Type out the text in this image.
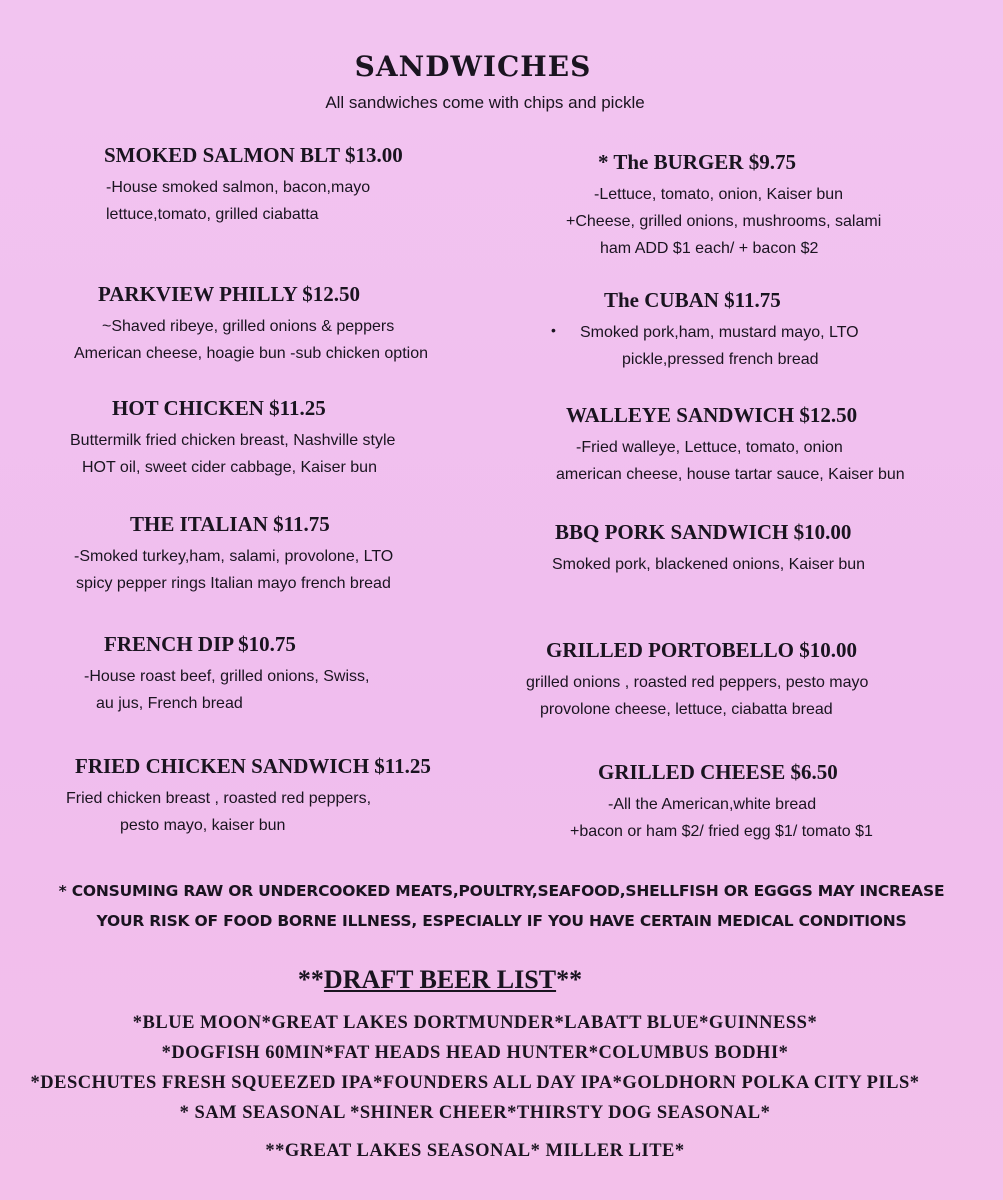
SANDWICHES
All sandwiches come with chips and pickle
SMOKED SALMON BLT $13.00
-House smoked salmon, bacon,mayo
lettuce,tomato, grilled ciabatta
PARKVIEW PHILLY $12.50
~Shaved ribeye, grilled onions & peppers
American cheese, hoagie bun -sub chicken option
HOT CHICKEN $11.25
Buttermilk fried chicken breast, Nashville style
HOT oil, sweet cider cabbage, Kaiser bun
THE ITALIAN $11.75
-Smoked turkey,ham, salami, provolone, LTO
spicy pepper rings Italian mayo french bread
FRENCH DIP $10.75
-House roast beef, grilled onions, Swiss,
au jus, French bread
FRIED CHICKEN SANDWICH $11.25
Fried chicken breast , roasted red peppers,
pesto mayo, kaiser bun
* The BURGER $9.75
-Lettuce, tomato, onion, Kaiser bun
+Cheese, grilled onions, mushrooms, salami
ham ADD $1 each/ + bacon $2
•
The CUBAN $11.75
Smoked pork,ham, mustard mayo, LTO
pickle,pressed french bread
WALLEYE SANDWICH $12.50
-Fried walleye, Lettuce, tomato, onion
american cheese, house tartar sauce, Kaiser bun
BBQ PORK SANDWICH $10.00
Smoked pork, blackened onions, Kaiser bun
GRILLED PORTOBELLO $10.00
grilled onions , roasted red peppers, pesto mayo
provolone cheese, lettuce, ciabatta bread
GRILLED CHEESE $6.50
-All the American,white bread
+bacon or ham $2/ fried egg $1/ tomato $1
* CONSUMING RAW OR UNDERCOOKED MEATS,POULTRY,SEAFOOD,SHELLFISH OR EGGGS MAY INCREASE
YOUR RISK OF FOOD BORNE ILLNESS, ESPECIALLY IF YOU HAVE CERTAIN MEDICAL CONDITIONS
**DRAFT BEER LIST**
*BLUE MOON*GREAT LAKES DORTMUNDER*LABATT BLUE*GUINNESS*
*DOGFISH 60MIN*FAT HEADS HEAD HUNTER*COLUMBUS BODHI*
*DESCHUTES FRESH SQUEEZED IPA*FOUNDERS ALL DAY IPA*GOLDHORN POLKA CITY PILS*
* SAM SEASONAL *SHINER CHEER*THIRSTY DOG SEASONAL*
**GREAT LAKES SEASONAL* MILLER LITE*
